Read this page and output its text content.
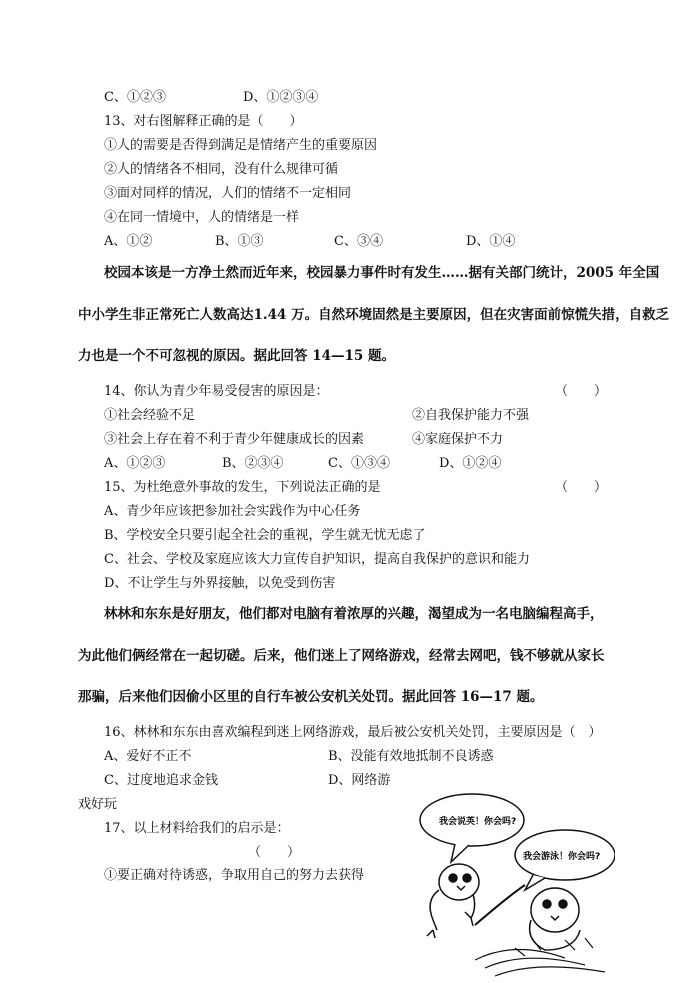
C、①②③	D、①②③④
13、对右图解释正确的是（　　）
①人的需要是否得到满足是情绪产生的重要原因
②人的情绪各不相同，没有什么规律可循
③面对同样的情况，人们的情绪不一定相同
④在同一情境中，人的情绪是一样
A、①②	B、①③	C、③④	D、①④
校园本该是一方净土然而近年来，校园暴力事件时有发生……据有关部门统计，2005 年全国
中小学生非正常死亡人数高达1.44 万。自然环境固然是主要原因，但在灾害面前惊慌失措，自救乏
力也是一个不可忽视的原因。据此回答 14—15 题。
14、你认为青少年易受侵害的原因是：	（　　）
①社会经验不足	②自我保护能力不强
③社会上存在着不利于青少年健康成长的因素	④家庭保护不力
A、①②③	B、②③④	C、①③④	D、①②④
15、为杜绝意外事故的发生，下列说法正确的是	（　　）
A、青少年应该把参加社会实践作为中心任务
B、学校安全只要引起全社会的重视，学生就无忧无虑了
C、社会、学校及家庭应该大力宣传自护知识，提高自我保护的意识和能力
D、不让学生与外界接触，以免受到伤害
林林和东东是好朋友，他们都对电脑有着浓厚的兴趣，渴望成为一名电脑编程高手，
为此他们俩经常在一起切磋。后来，他们迷上了网络游戏，经常去网吧，钱不够就从家长
那骗，后来他们因偷小区里的自行车被公安机关处罚。据此回答 16—17 题。
16、林林和东东由喜欢编程到迷上网络游戏，最后被公安机关处罚，主要原因是（　）
A、爱好不正不	B、没能有效地抵制不良诱惑
C、过度地追求金钱	D、网络游
戏好玩
17、以上材料给我们的启示是：
（　　）
①要正确对待诱惑，争取用自己的努力去获得
我会说英！你会吗?
我会游泳！你会吗?
